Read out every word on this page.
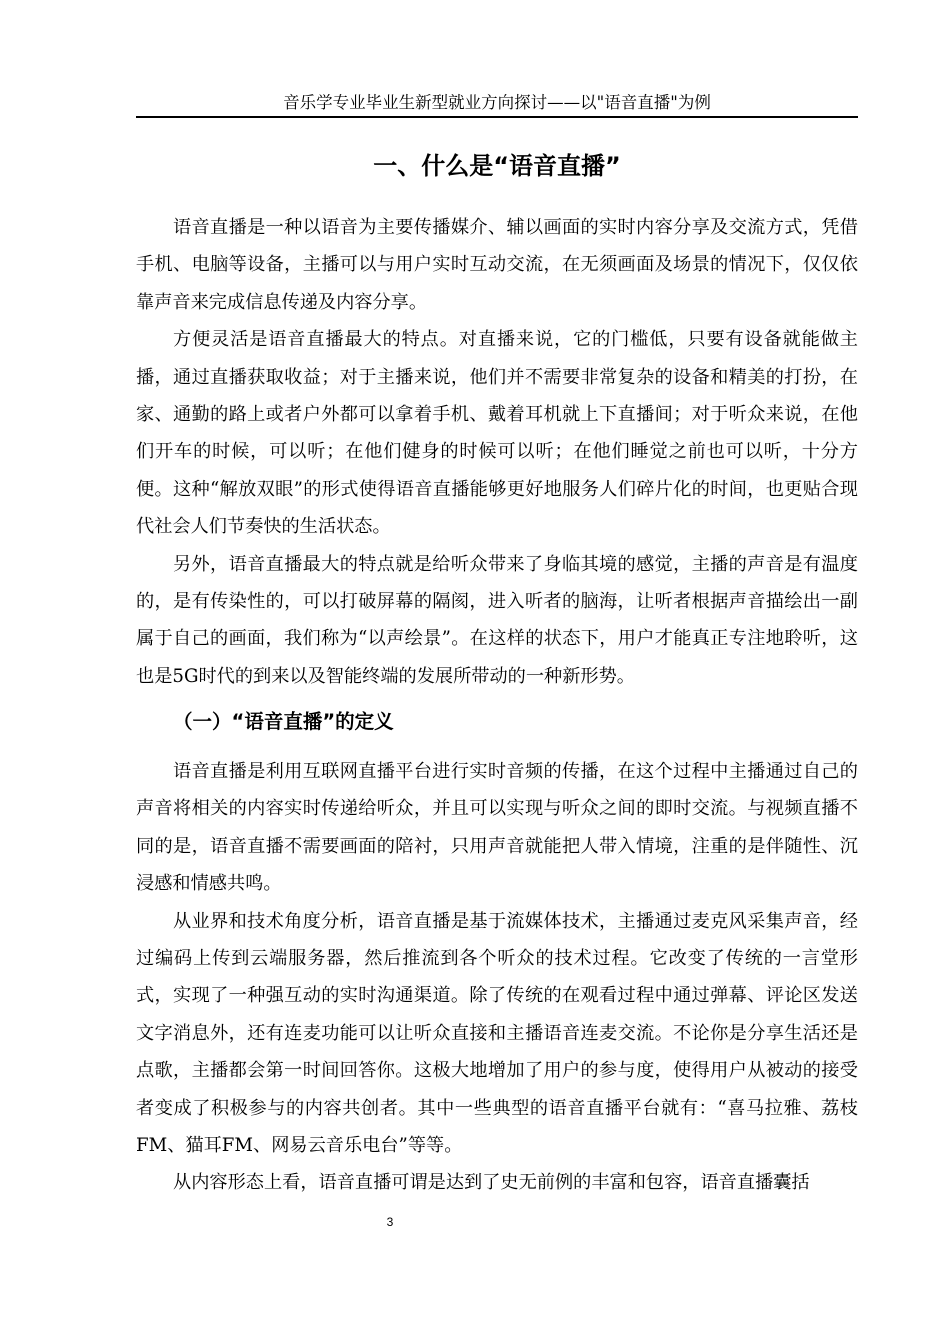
音乐学专业毕业生新型就业方向探讨——以"语音直播"为例
一、什么是“语音直播”

语音直播是一种以语音为主要传播媒介、辅以画面的实时内容分享及交流方式，凭借手机、电脑等设备，主播可以与用户实时互动交流，在无须画面及场景的情况下，仅仅依靠声音来完成信息传递及内容分享。

方便灵活是语音直播最大的特点。对直播来说，它的门槛低，只要有设备就能做主播，通过直播获取收益；对于主播来说，他们并不需要非常复杂的设备和精美的打扮，在家、通勤的路上或者户外都可以拿着手机、戴着耳机就上下直播间；对于听众来说，在他们开车的时候，可以听；在他们健身的时候可以听；在他们睡觉之前也可以听，十分方便。这种“解放双眼”的形式使得语音直播能够更好地服务人们碎片化的时间，也更贴合现代社会人们节奏快的生活状态。

另外，语音直播最大的特点就是给听众带来了身临其境的感觉，主播的声音是有温度的，是有传染性的，可以打破屏幕的隔阂，进入听者的脑海，让听者根据声音描绘出一副属于自己的画面，我们称为“以声绘景”。在这样的状态下，用户才能真正专注地聆听，这也是5G时代的到来以及智能终端的发展所带动的一种新形势。

（一）“语音直播”的定义

语音直播是利用互联网直播平台进行实时音频的传播，在这个过程中主播通过自己的声音将相关的内容实时传递给听众，并且可以实现与听众之间的即时交流。与视频直播不同的是，语音直播不需要画面的陪衬，只用声音就能把人带入情境，注重的是伴随性、沉浸感和情感共鸣。

从业界和技术角度分析，语音直播是基于流媒体技术，主播通过麦克风采集声音，经过编码上传到云端服务器，然后推流到各个听众的技术过程。它改变了传统的一言堂形式，实现了一种强互动的实时沟通渠道。除了传统的在观看过程中通过弹幕、评论区发送文字消息外，还有连麦功能可以让听众直接和主播语音连麦交流。不论你是分享生活还是点歌，主播都会第一时间回答你。这极大地增加了用户的参与度，使得用户从被动的接受者变成了积极参与的内容共创者。其中一些典型的语音直播平台就有：“喜马拉雅、荔枝FM、猫耳FM、网易云音乐电台”等等。

从内容形态上看，语音直播可谓是达到了史无前例的丰富和包容，语音直播囊括

3
